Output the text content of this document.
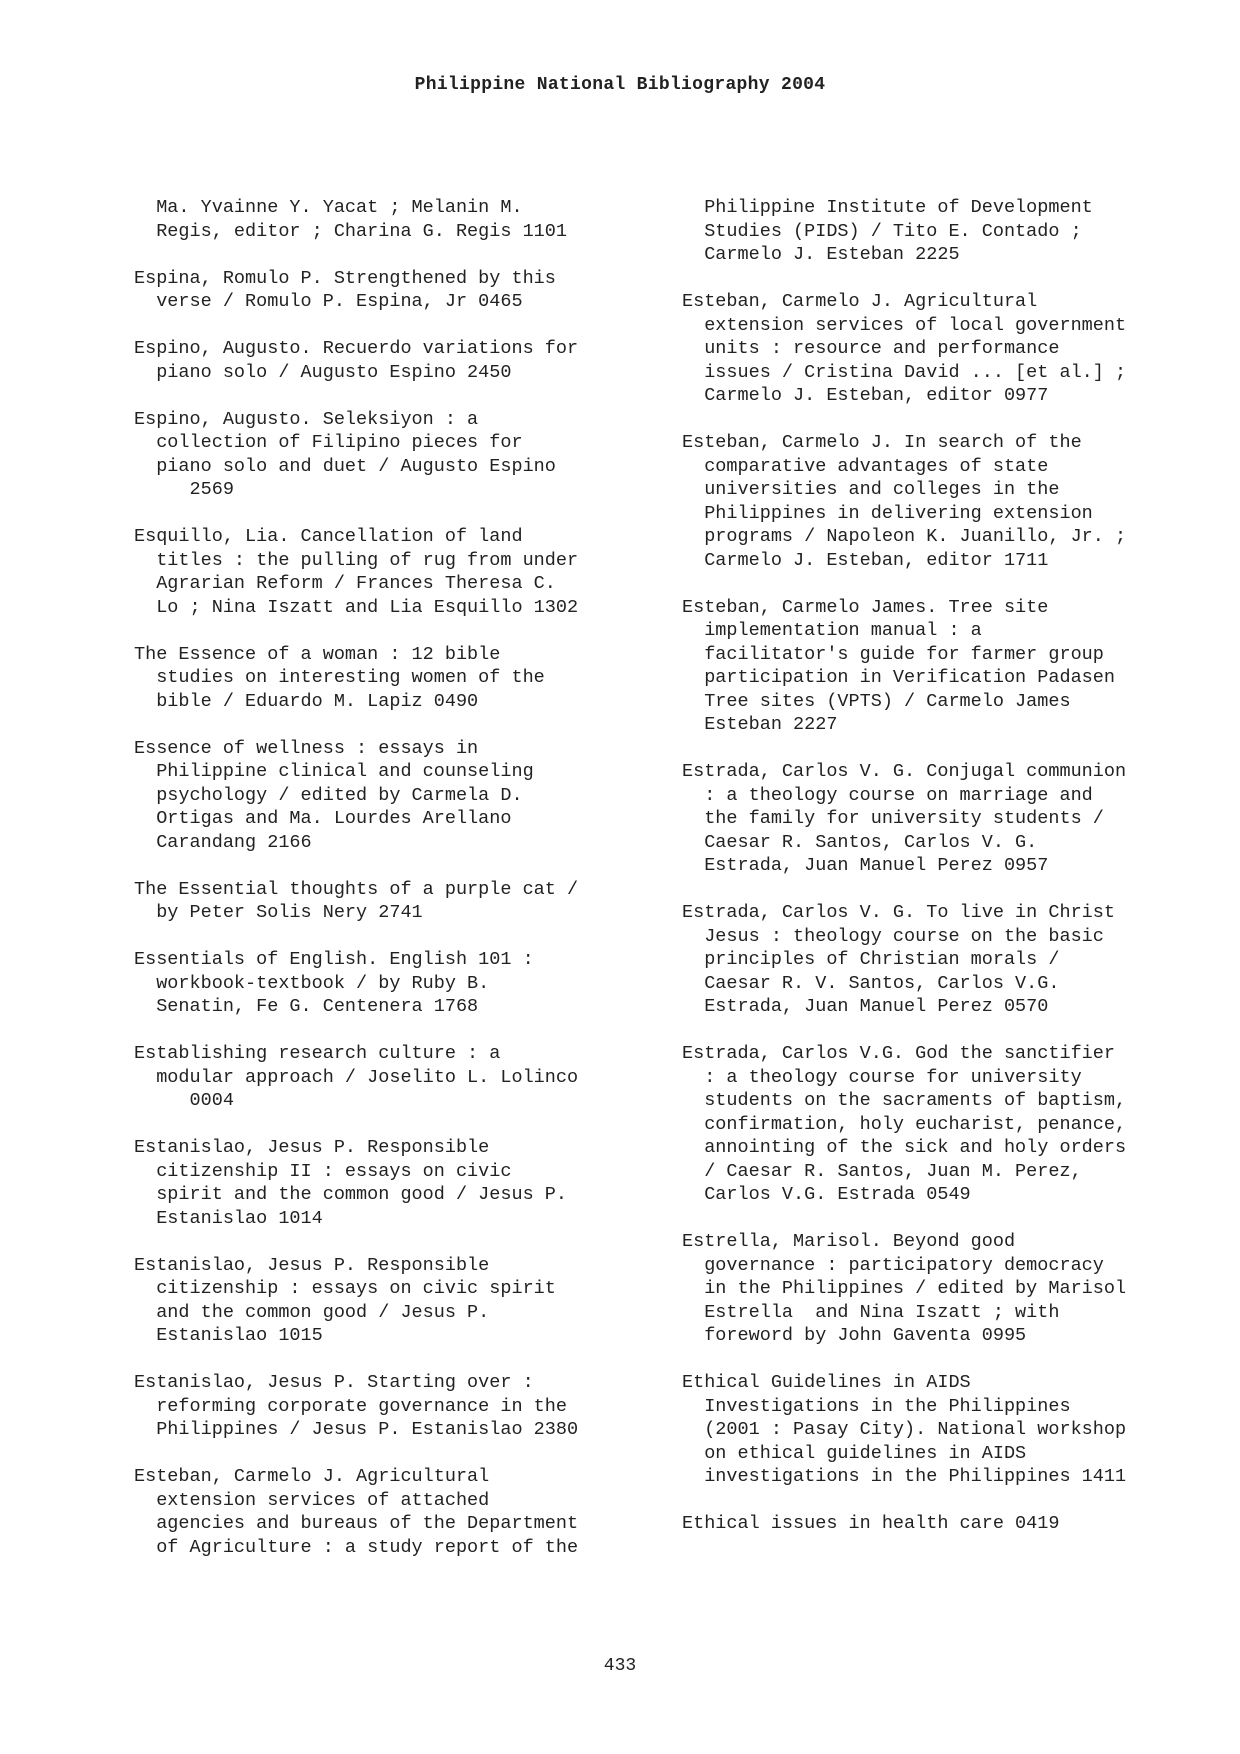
Philippine National Bibliography 2004
Ma. Yvainne Y. Yacat ; Melanin M.
Regis, editor ; Charina G. Regis 1101
Espina, Romulo P. Strengthened by this
verse / Romulo P. Espina, Jr 0465
Espino, Augusto. Recuerdo variations for
piano solo / Augusto Espino 2450
Espino, Augusto. Seleksiyon : a
collection of Filipino pieces for
piano solo and duet / Augusto Espino
2569
Esquillo, Lia. Cancellation of land
titles : the pulling of rug from under
Agrarian Reform / Frances Theresa C.
Lo ; Nina Iszatt and Lia Esquillo 1302
The Essence of a woman : 12 bible
studies on interesting women of the
bible / Eduardo M. Lapiz 0490
Essence of wellness : essays in
Philippine clinical and counseling
psychology / edited by Carmela D.
Ortigas and Ma. Lourdes Arellano
Carandang 2166
The Essential thoughts of a purple cat /
by Peter Solis Nery 2741
Essentials of English. English 101 :
workbook-textbook / by Ruby B.
Senatin, Fe G. Centenera 1768
Establishing research culture : a
modular approach / Joselito L. Lolinco
0004
Estanislao, Jesus P. Responsible
citizenship II : essays on civic
spirit and the common good / Jesus P.
Estanislao 1014
Estanislao, Jesus P. Responsible
citizenship : essays on civic spirit
and the common good / Jesus P.
Estanislao 1015
Estanislao, Jesus P. Starting over :
reforming corporate governance in the
Philippines / Jesus P. Estanislao 2380
Esteban, Carmelo J. Agricultural
extension services of attached
agencies and bureaus of the Department
of Agriculture : a study report of the
Philippine Institute of Development
Studies (PIDS) / Tito E. Contado ;
Carmelo J. Esteban 2225
Esteban, Carmelo J. Agricultural
extension services of local government
units : resource and performance
issues / Cristina David ... [et al.] ;
Carmelo J. Esteban, editor 0977
Esteban, Carmelo J. In search of the
comparative advantages of state
universities and colleges in the
Philippines in delivering extension
programs / Napoleon K. Juanillo, Jr. ;
Carmelo J. Esteban, editor 1711
Esteban, Carmelo James. Tree site
implementation manual : a
facilitator's guide for farmer group
participation in Verification Padasen
Tree sites (VPTS) / Carmelo James
Esteban 2227
Estrada, Carlos V. G. Conjugal communion
: a theology course on marriage and
the family for university students /
Caesar R. Santos, Carlos V. G.
Estrada, Juan Manuel Perez 0957
Estrada, Carlos V. G. To live in Christ
Jesus : theology course on the basic
principles of Christian morals /
Caesar R. V. Santos, Carlos V.G.
Estrada, Juan Manuel Perez 0570
Estrada, Carlos V.G. God the sanctifier
: a theology course for university
students on the sacraments of baptism,
confirmation, holy eucharist, penance,
annointing of the sick and holy orders
/ Caesar R. Santos, Juan M. Perez,
Carlos V.G. Estrada 0549
Estrella, Marisol. Beyond good
governance : participatory democracy
in the Philippines / edited by Marisol
Estrella  and Nina Iszatt ; with
foreword by John Gaventa 0995
Ethical Guidelines in AIDS
Investigations in the Philippines
(2001 : Pasay City). National workshop
on ethical guidelines in AIDS
investigations in the Philippines 1411
Ethical issues in health care 0419
433
